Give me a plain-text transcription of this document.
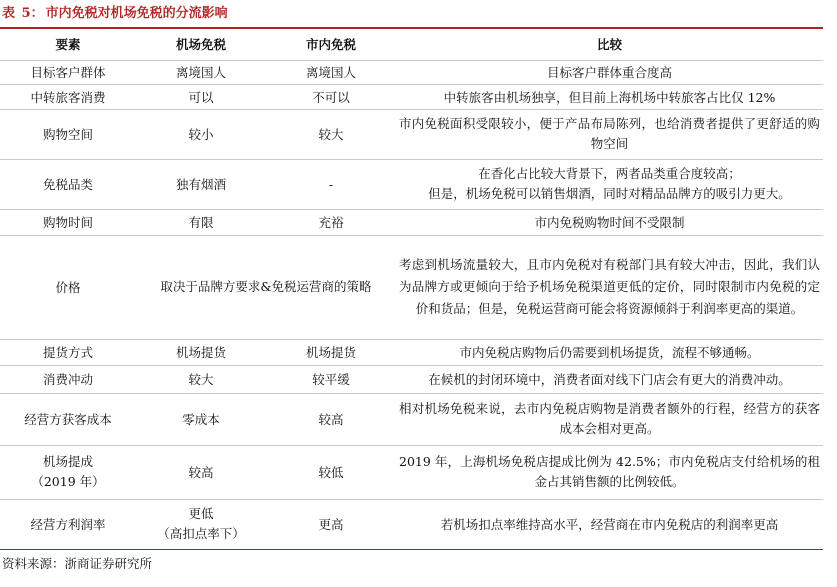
表 5： 市内免税对机场免税的分流影响
要素	机场免税	市内免税	比较
目标客户群体	离境国人	离境国人	目标客户群体重合度高
中转旅客消费	可以	不可以	中转旅客由机场独享，但目前上海机场中转旅客占比仅 12%
购物空间	较小	较大	市内免税面积受限较小，便于产品布局陈列，也给消费者提供了更舒适的购物空间
免税品类	独有烟酒	-	在香化占比较大背景下，两者品类重合度较高；
但是，机场免税可以销售烟酒，同时对精品品牌方的吸引力更大。

购物时间	有限	充裕	市内免税购物时间不受限制
价格	取决于品牌方要求&免税运营商的策略		考虑到机场流量较大，且市内免税对有税部门具有较大冲击，因此，我们认为品牌方或更倾向于给予机场免税渠道更低的定价，同时限制市内免税的定价和货品；但是，免税运营商可能会将资源倾斜于利润率更高的渠道。
提货方式	机场提货	机场提货	市内免税店购物后仍需要到机场提货，流程不够通畅。
消费冲动	较大	较平缓	在候机的封闭环境中，消费者面对线下门店会有更大的消费冲动。
经营方获客成本	零成本	较高	相对机场免税来说，去市内免税店购物是消费者额外的行程，经营方的获客成本会相对更高。

机场提成
（2019 年）	较高	较低	2019 年，上海机场免税店提成比例为 42.5%；市内免税店支付给机场的租金占其销售额的比例较低。
经营方利润率	更低
（高扣点率下）	更高	若机场扣点率维持高水平，经营商在市内免税店的利润率更高
资料来源：浙商证券研究所
